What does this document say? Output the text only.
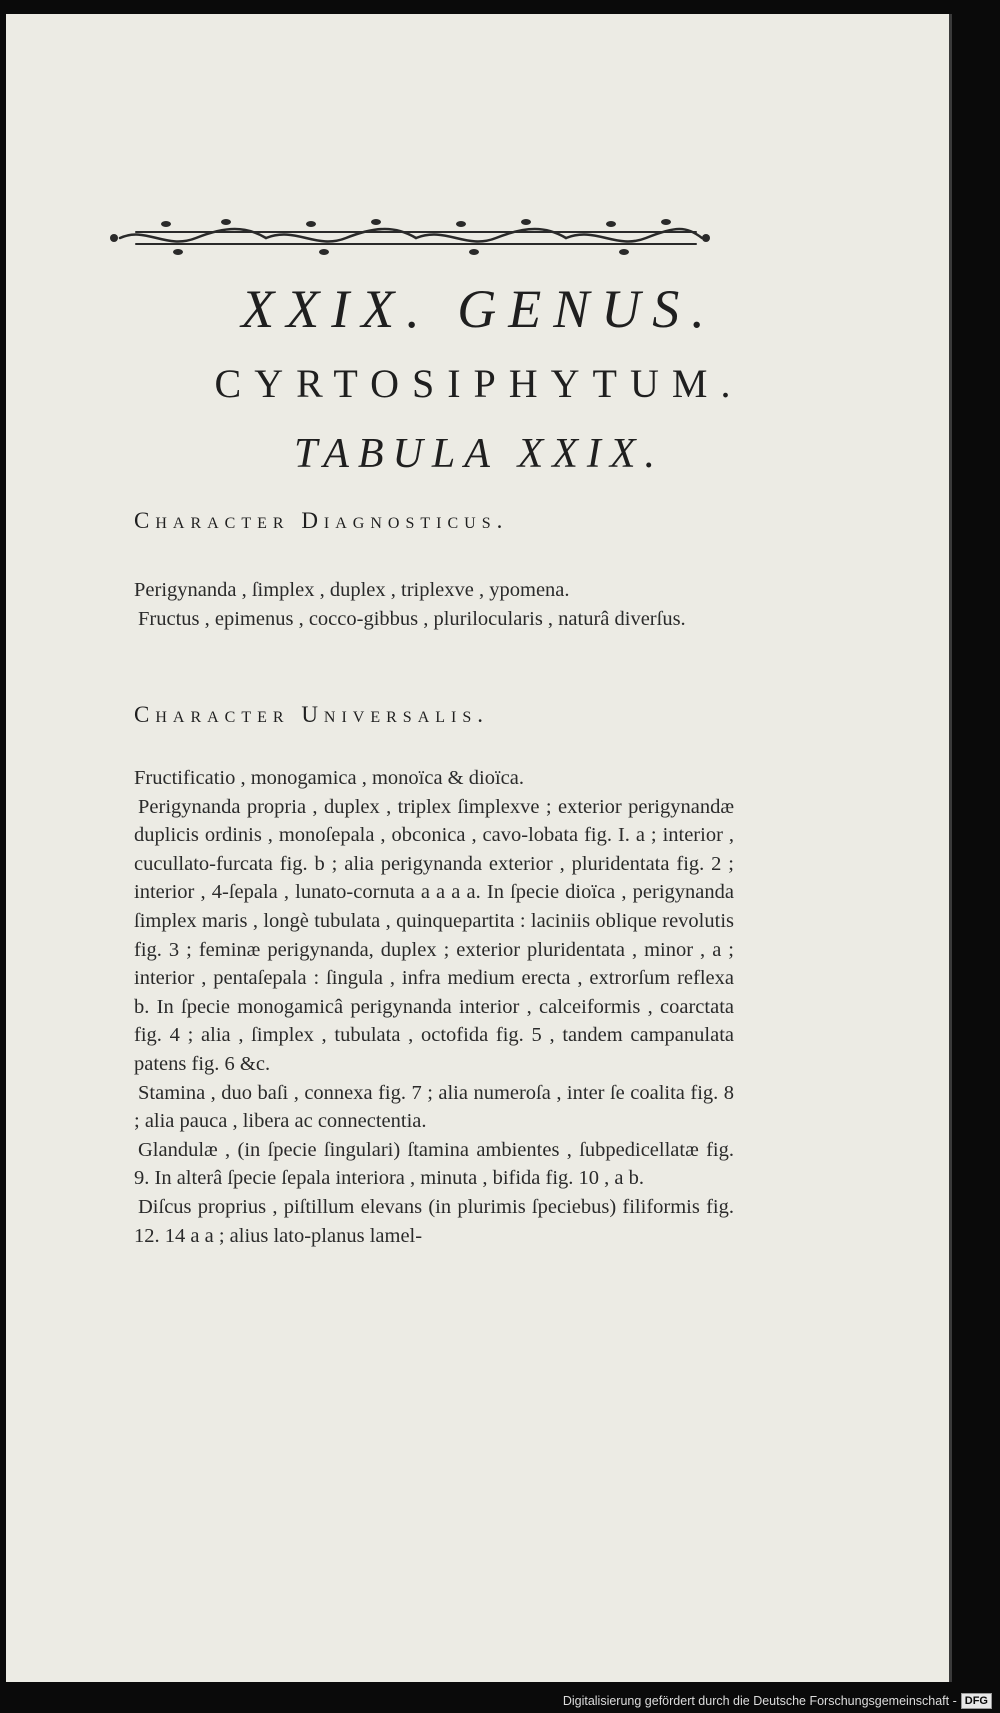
XXIX. GENUS.
CYRTOSIPHYTUM.
TABULA XXIX.
Character Diagnosticus.

Perigynanda , ſimplex , duplex , triplexve , ypomena.

Fructus , epimenus , cocco-gibbus , plurilocularis , naturâ diverſus.

Character Universalis.

Fructificatio , monogamica , monoïca & dioïca.

Perigynanda propria , duplex , triplex ſimplexve ; exterior perigynandæ duplicis ordinis , monoſepala , obconica , cavo-lobata fig. I. a ; interior , cucullato-furcata fig. b ; alia perigynanda exterior , pluridentata fig. 2 ; interior , 4-ſepala , lunato-cornuta a a a a. In ſpecie dioïca , perigynanda ſimplex maris , longè tubulata , quinquepartita : laciniis oblique revolutis fig. 3 ; feminæ perigynanda, duplex ; exterior pluridentata , minor , a ; interior , pentaſepala : ſingula , infra medium erecta , extrorſum reflexa b. In ſpecie monogamicâ perigynanda interior , calceiformis , coarctata fig. 4 ; alia , ſimplex , tubulata , octofida fig. 5 , tandem campanulata patens fig. 6 &c.

Stamina , duo baſi , connexa fig. 7 ; alia numeroſa , inter ſe coalita fig. 8 ; alia pauca , libera ac connectentia.

Glandulæ , (in ſpecie ſingulari) ſtamina ambientes , ſubpedicellatæ fig. 9. In alterâ ſpecie ſepala interiora , minuta , bifida fig. 10 , a b.

Diſcus proprius , piſtillum elevans (in plurimis ſpeciebus) filiformis fig. 12. 14 a a ; alius lato-planus lamel-

Digitalisierung gefördert durch die Deutsche Forschungsgemeinschaft - DFG
